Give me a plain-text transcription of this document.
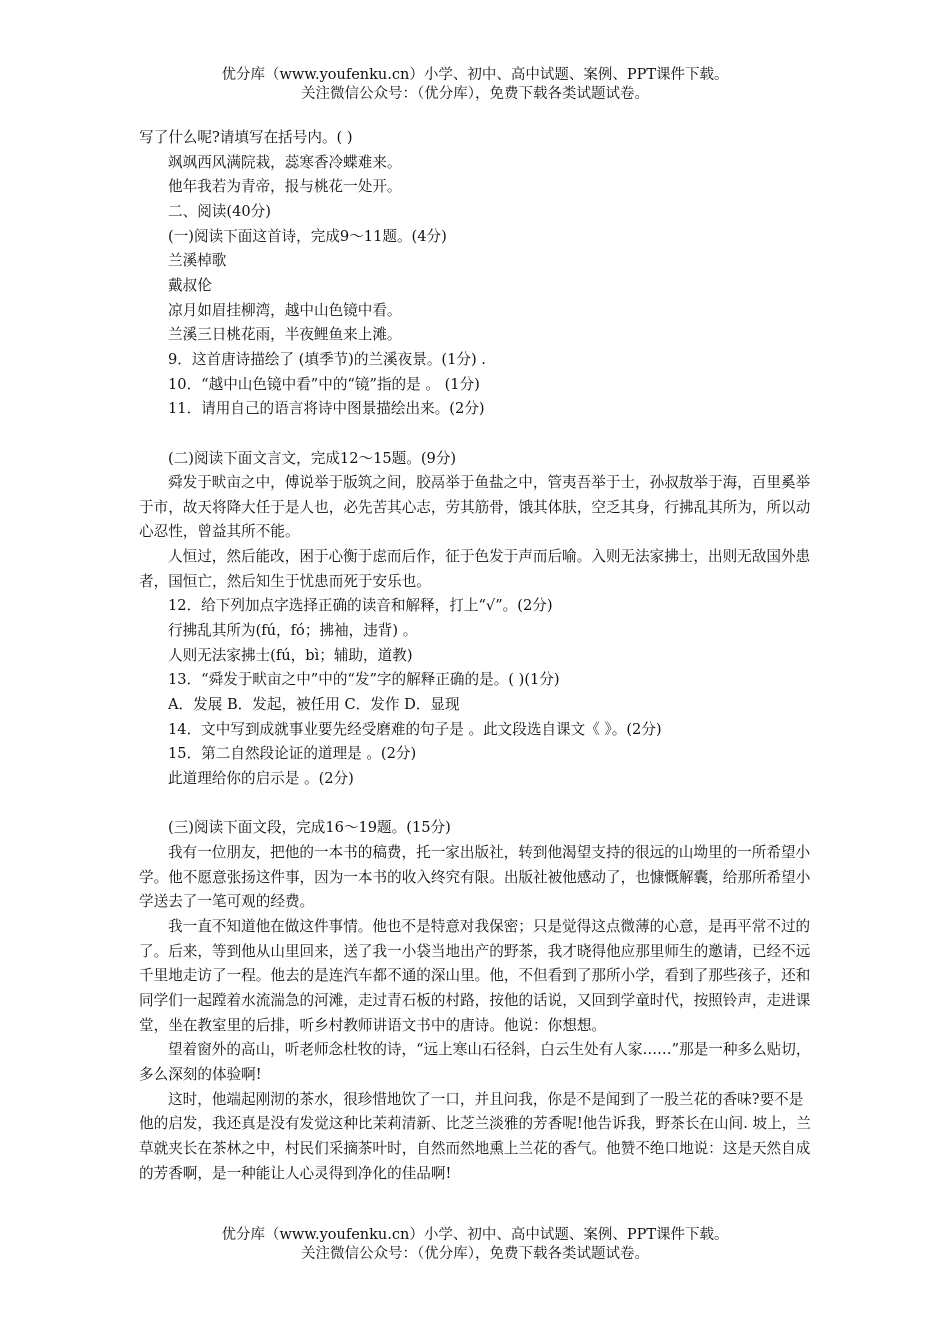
优分库（www.youfenku.cn）小学、初中、高中试题、案例、PPT课件下载。
关注微信公众号：（优分库），免费下载各类试题试卷。

写了什么呢?请填写在括号内。( )

飒飒西风满院栽，蕊寒香冷蝶难来。

他年我若为青帝，报与桃花一处开。

二、阅读(40分)

(一)阅读下面这首诗，完成9～11题。(4分)

兰溪棹歌

戴叔伦

凉月如眉挂柳湾，越中山色镜中看。

兰溪三日桃花雨，半夜鲤鱼来上滩。

9．这首唐诗描绘了 (填季节)的兰溪夜景。(1分) .

10．“越中山色镜中看”中的“镜”指的是 。 (1分)

11．请用自己的语言将诗中图景描绘出来。(2分)

(二)阅读下面文言文，完成12～15题。(9分)

舜发于畎亩之中，傅说举于版筑之间，胶鬲举于鱼盐之中，管夷吾举于士，孙叔敖举于海，百里奚举于市，故天将降大任于是人也，必先苦其心志，劳其筋骨，饿其体肤，空乏其身，行拂乱其所为，所以动心忍性，曾益其所不能。

人恒过，然后能改，困于心衡于虑而后作，征于色发于声而后喻。入则无法家拂士，出则无敌国外患者，国恒亡，然后知生于忧患而死于安乐也。

12．给下列加点字选择正确的读音和解释，打上“√”。(2分)

行拂乱其所为(fú，fó；拂袖，违背) 。

人则无法家拂士(fú，bì；辅助，道教)

13．“舜发于畎亩之中”中的“发”字的解释正确的是。( )(1分)

A．发展 B．发起，被任用 C．发作 D．显现

14．文中写到成就事业要先经受磨难的句子是 。此文段选自课文《 》。(2分)

15．第二自然段论证的道理是 。(2分)

此道理给你的启示是 。(2分)

(三)阅读下面文段，完成16～19题。(15分)

我有一位朋友，把他的一本书的稿费，托一家出版社，转到他渴望支持的很远的山坳里的一所希望小学。他不愿意张扬这件事，因为一本书的收入终究有限。出版社被他感动了，也慷慨解囊，给那所希望小学送去了一笔可观的经费。

我一直不知道他在做这件事情。他也不是特意对我保密；只是觉得这点微薄的心意，是再平常不过的了。后来，等到他从山里回来，送了我一小袋当地出产的野茶，我才晓得他应那里师生的邀请，已经不远千里地走访了一程。他去的是连汽车都不通的深山里。他，不但看到了那所小学，看到了那些孩子，还和同学们一起蹚着水流湍急的河滩，走过青石板的村路，按他的话说，又回到学童时代，按照铃声，走进课堂，坐在教室里的后排，听乡村教师讲语文书中的唐诗。他说：你想想。

望着窗外的高山，听老师念杜牧的诗，“远上寒山石径斜，白云生处有人家……”那是一种多么贴切，多么深刻的体验啊!

这时，他端起刚沏的茶水，很珍惜地饮了一口，并且问我，你是不是闻到了一股兰花的香味?要不是他的启发，我还真是没有发觉这种比茉莉清新、比芝兰淡雅的芳香呢!他告诉我，野茶长在山间. 坡上，兰草就夹长在茶林之中，村民们采摘茶叶时，自然而然地熏上兰花的香气。他赞不绝口地说：这是天然自成的芳香啊，是一种能让人心灵得到净化的佳品啊!

优分库（www.youfenku.cn）小学、初中、高中试题、案例、PPT课件下载。
关注微信公众号：（优分库），免费下载各类试题试卷。
